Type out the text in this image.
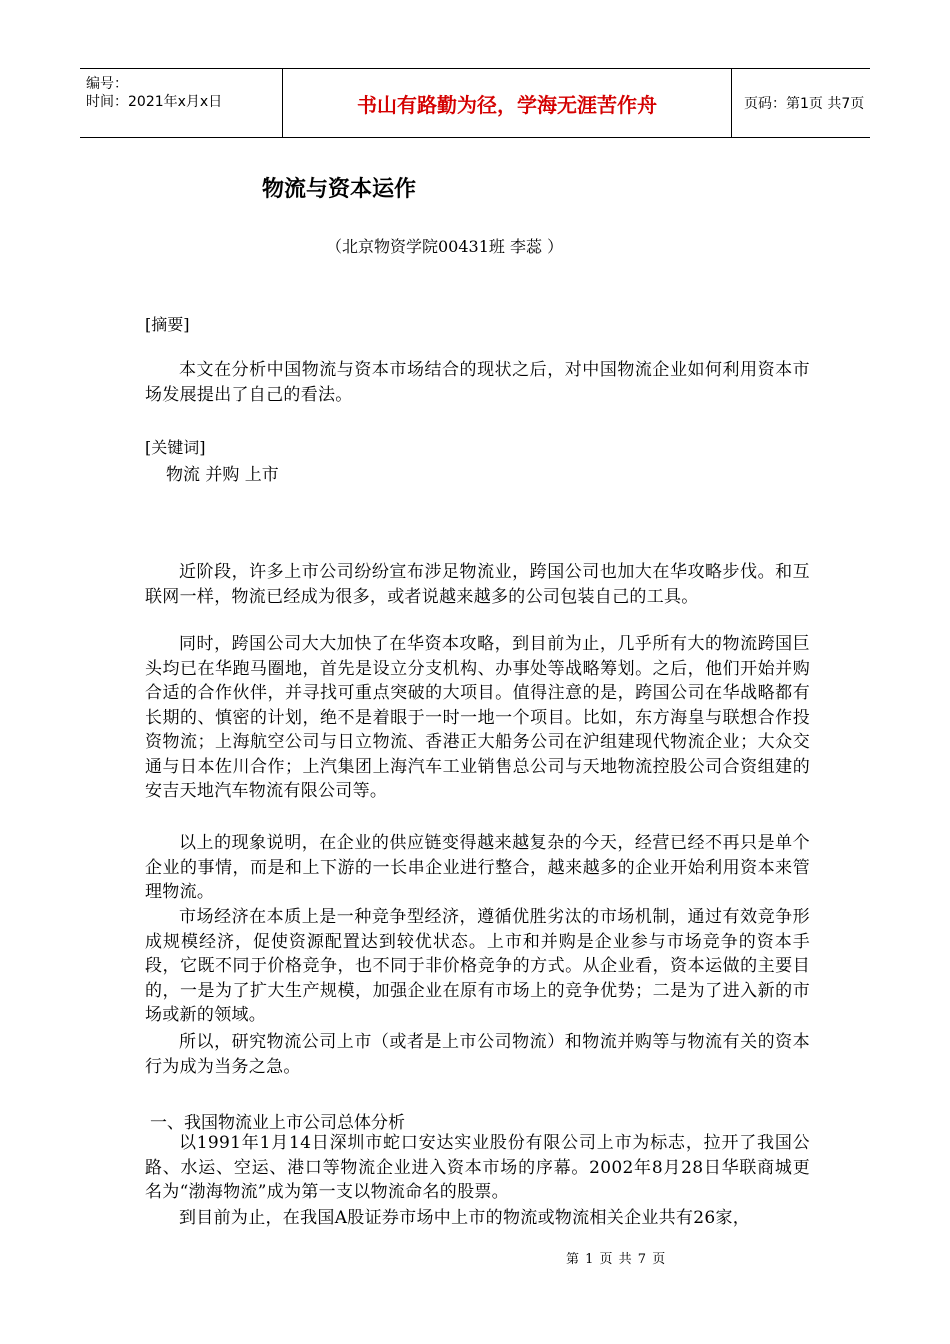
编号：
时间：2021年x月x日	书山有路勤为径，学海无涯苦作舟	页码：第1页 共7页
物流与资本运作
（北京物资学院00431班 李蕊 ）
[摘要]

本文在分析中国物流与资本市场结合的现状之后，对中国物流企业如何利用资本市场发展提出了自己的看法。

[关键词]
物流 并购 上市

近阶段，许多上市公司纷纷宣布涉足物流业，跨国公司也加大在华攻略步伐。和互联网一样，物流已经成为很多，或者说越来越多的公司包装自己的工具。

同时，跨国公司大大加快了在华资本攻略，到目前为止，几乎所有大的物流跨国巨头均已在华跑马圈地，首先是设立分支机构、办事处等战略筹划。之后，他们开始并购合适的合作伙伴，并寻找可重点突破的大项目。值得注意的是，跨国公司在华战略都有长期的、慎密的计划，绝不是着眼于一时一地一个项目。比如，东方海皇与联想合作投资物流；上海航空公司与日立物流、香港正大船务公司在沪组建现代物流企业；大众交通与日本佐川合作；上汽集团上海汽车工业销售总公司与天地物流控股公司合资组建的安吉天地汽车物流有限公司等。

以上的现象说明，在企业的供应链变得越来越复杂的今天，经营已经不再只是单个企业的事情，而是和上下游的一长串企业进行整合，越来越多的企业开始利用资本来管理物流。

市场经济在本质上是一种竞争型经济，遵循优胜劣汰的市场机制，通过有效竞争形成规模经济，促使资源配置达到较优状态。上市和并购是企业参与市场竞争的资本手段，它既不同于价格竞争，也不同于非价格竞争的方式。从企业看，资本运做的主要目的，一是为了扩大生产规模，加强企业在原有市场上的竞争优势；二是为了进入新的市场或新的领域。

所以，研究物流公司上市（或者是上市公司物流）和物流并购等与物流有关的资本行为成为当务之急。

一、我国物流业上市公司总体分析

以1991年1月14日深圳市蛇口安达实业股份有限公司上市为标志，拉开了我国公路、水运、空运、港口等物流企业进入资本市场的序幕。2002年8月28日华联商城更名为“渤海物流”成为第一支以物流命名的股票。

到目前为止，在我国A股证券市场中上市的物流或物流相关企业共有26家，

第 1 页 共 7 页
